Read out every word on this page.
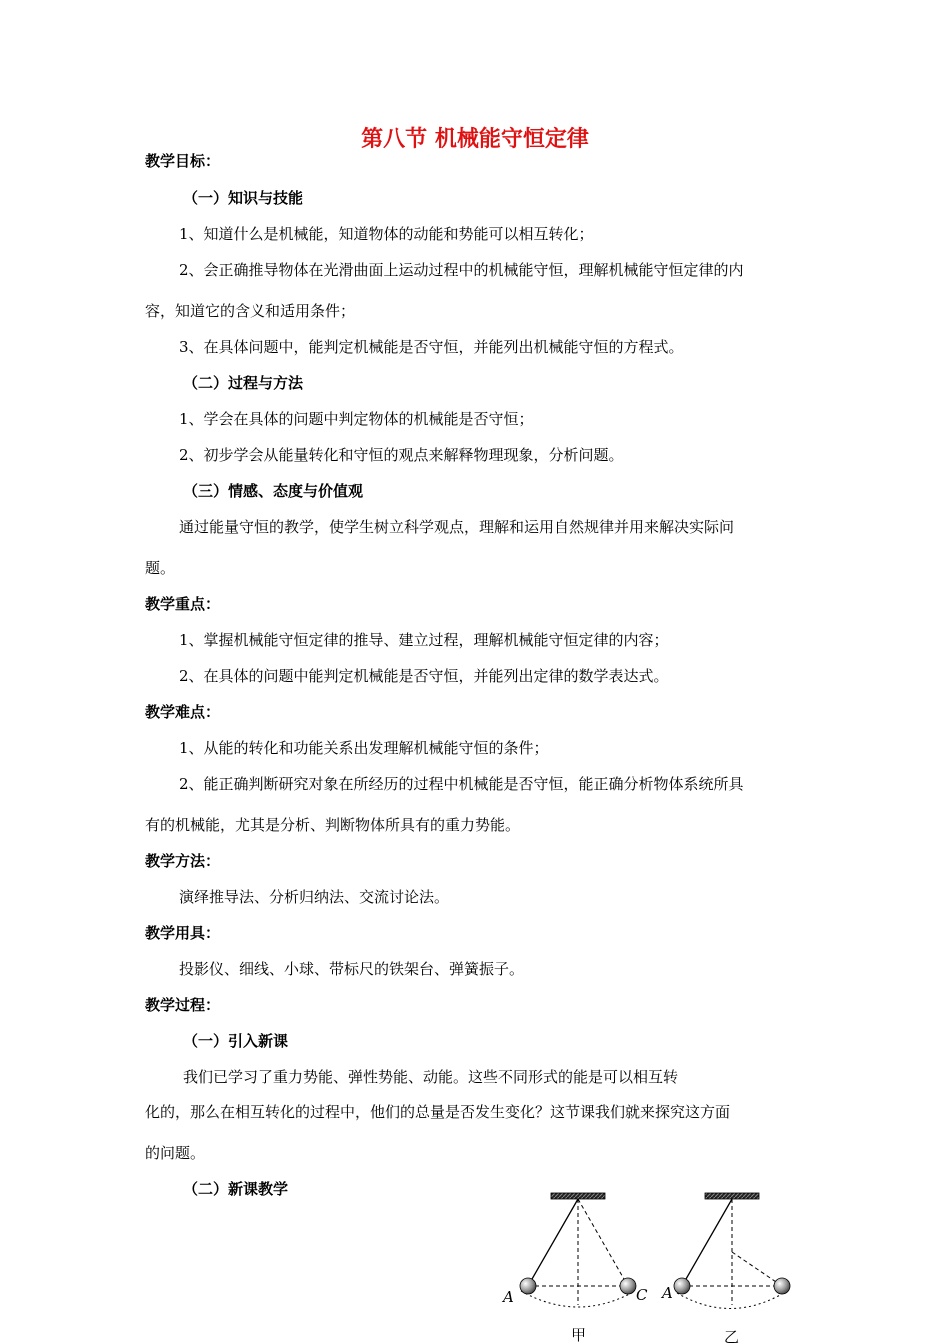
第八节 机械能守恒定律
教学目标：
（一）知识与技能
1、知道什么是机械能，知道物体的动能和势能可以相互转化；
2、会正确推导物体在光滑曲面上运动过程中的机械能守恒，理解机械能守恒定律的内
容，知道它的含义和适用条件；
3、在具体问题中，能判定机械能是否守恒，并能列出机械能守恒的方程式。
（二）过程与方法
1、学会在具体的问题中判定物体的机械能是否守恒；
2、初步学会从能量转化和守恒的观点来解释物理现象，分析问题。
（三）情感、态度与价值观
通过能量守恒的教学，使学生树立科学观点，理解和运用自然规律并用来解决实际问
题。
教学重点：
1、掌握机械能守恒定律的推导、建立过程，理解机械能守恒定律的内容；
2、在具体的问题中能判定机械能是否守恒，并能列出定律的数学表达式。
教学难点：
1、从能的转化和功能关系出发理解机械能守恒的条件；
2、能正确判断研究对象在所经历的过程中机械能是否守恒，能正确分析物体系统所具
有的机械能，尤其是分析、判断物体所具有的重力势能。
教学方法：
演绎推导法、分析归纳法、交流讨论法。
教学用具：
投影仪、细线、小球、带标尺的铁架台、弹簧振子。
教学过程：
（一）引入新课
我们已学习了重力势能、弹性势能、动能。这些不同形式的能是可以相互转
化的，那么在相互转化的过程中，他们的总量是否发生变化？这节课我们就来探究这方面
的问题。
（二）新课教学
A	C
甲
A
乙
